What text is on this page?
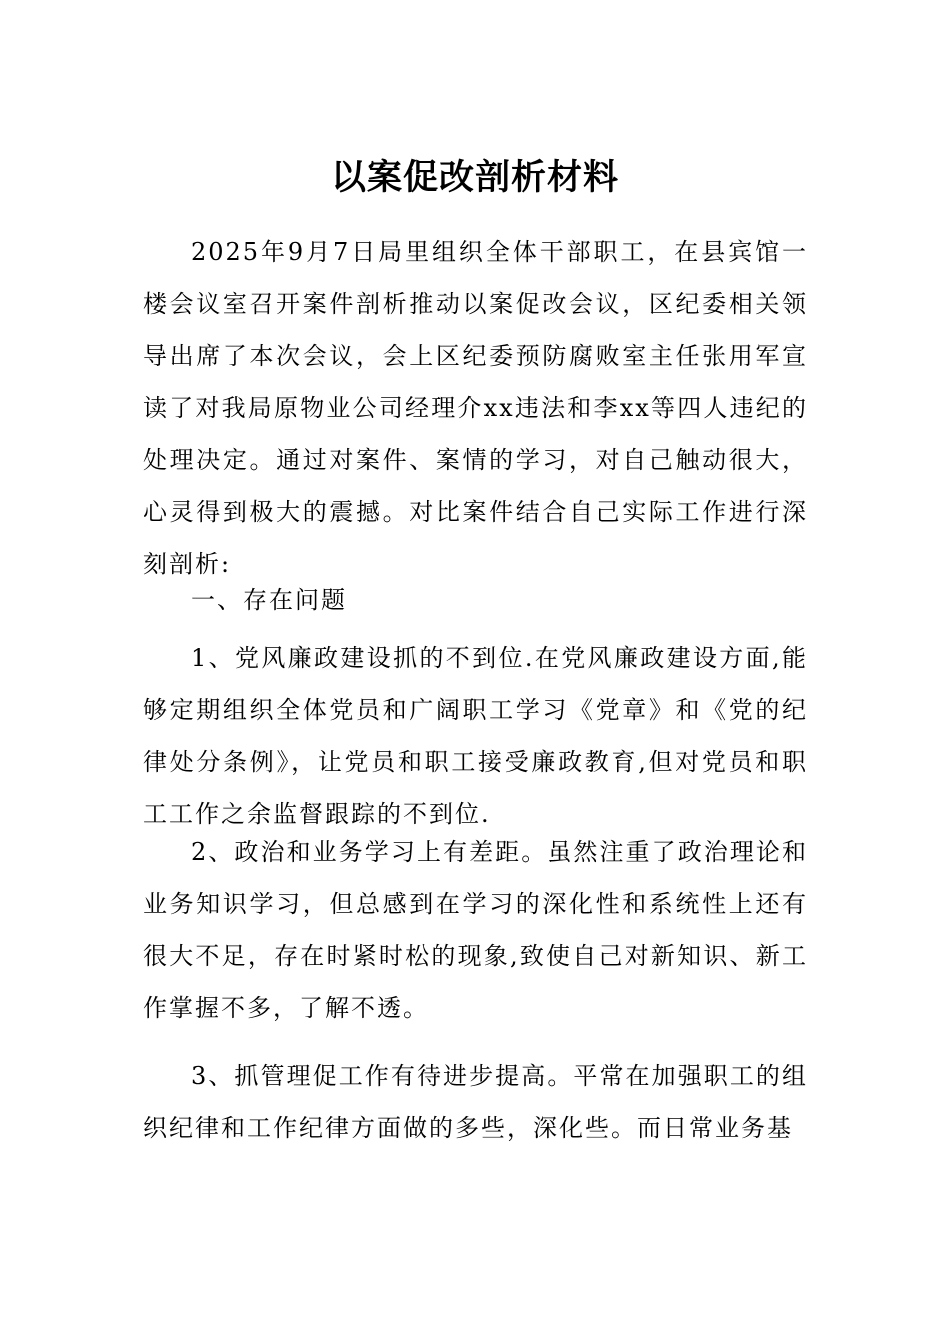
以案促改剖析材料

2025年9月7日局里组织全体干部职工，在县宾馆一楼会议室召开案件剖析推动以案促改会议，区纪委相关领导出席了本次会议，会上区纪委预防腐败室主任张用军宣读了对我局原物业公司经理介xx违法和李xx等四人违纪的处理决定。通过对案件、案情的学习，对自己触动很大，心灵得到极大的震撼。对比案件结合自己实际工作进行深刻剖析:

一、存在问题

1、党风廉政建设抓的不到位.在党风廉政建设方面,能够定期组织全体党员和广阔职工学习《党章》和《党的纪律处分条例》，让党员和职工接受廉政教育,但对党员和职工工作之余监督跟踪的不到位.

2、政治和业务学习上有差距。虽然注重了政治理论和业务知识学习，但总感到在学习的深化性和系统性上还有很大不足，存在时紧时松的现象,致使自己对新知识、新工作掌握不多，了解不透。

3、抓管理促工作有待进步提高。平常在加强职工的组织纪律和工作纪律方面做的多些，深化些。而日常业务基
